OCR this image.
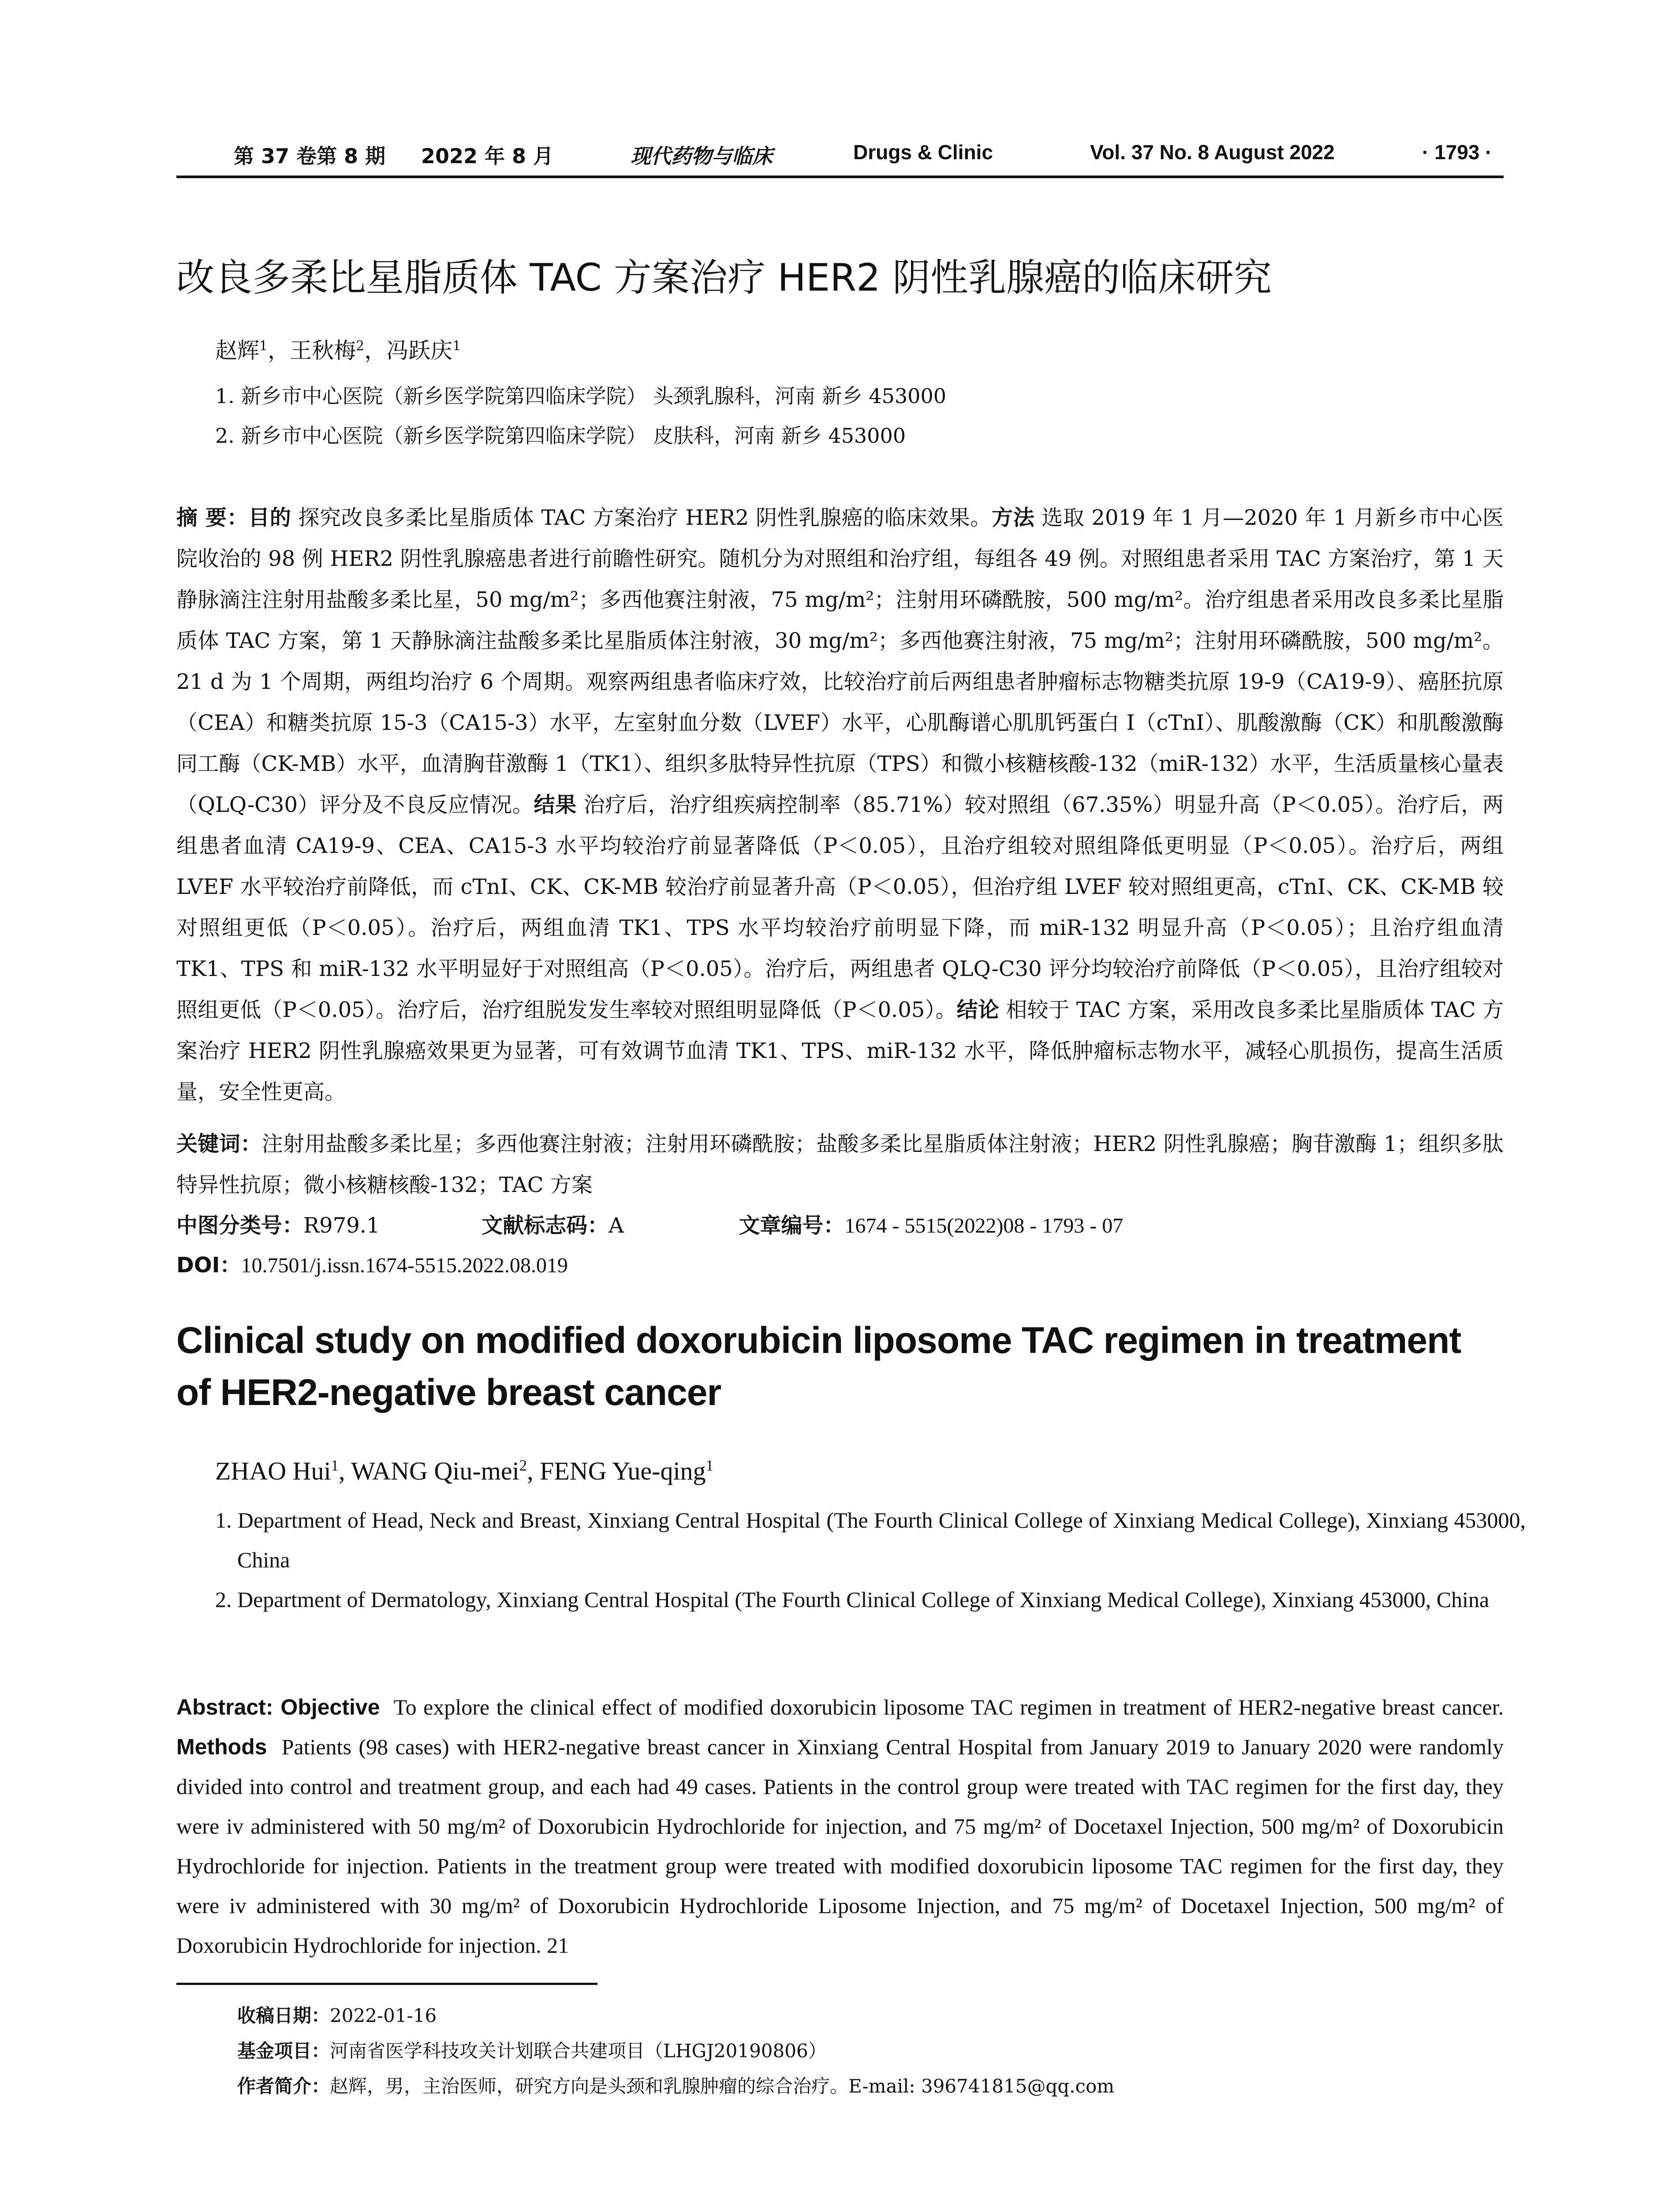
第 37 卷第 8 期 2022 年 8 月	现代药物与临床	Drugs & Clinic	Vol. 37 No. 8 August 2022	· 1793 ·
改良多柔比星脂质体 TAC 方案治疗 HER2 阴性乳腺癌的临床研究
赵辉$^1$，王秋梅$^2$，冯跃庆$^1$
1. 新乡市中心医院（新乡医学院第四临床学院） 头颈乳腺科，河南 新乡 453000
2. 新乡市中心医院（新乡医学院第四临床学院） 皮肤科，河南 新乡 453000
摘 要：目的 探究改良多柔比星脂质体 TAC 方案治疗 HER2 阴性乳腺癌的临床效果。方法 选取 2019 年 1 月—2020 年 1 月新乡市中心医院收治的 98 例 HER2 阴性乳腺癌患者进行前瞻性研究。随机分为对照组和治疗组，每组各 49 例。对照组患者采用 TAC 方案治疗，第 1 天静脉滴注注射用盐酸多柔比星，50 mg/m²；多西他赛注射液，75 mg/m²；注射用环磷酰胺，500 mg/m²。治疗组患者采用改良多柔比星脂质体 TAC 方案，第 1 天静脉滴注盐酸多柔比星脂质体注射液，30 mg/m²；多西他赛注射液，75 mg/m²；注射用环磷酰胺，500 mg/m²。21 d 为 1 个周期，两组均治疗 6 个周期。观察两组患者临床疗效，比较治疗前后两组患者肿瘤标志物糖类抗原 19-9（CA19-9）、癌胚抗原（CEA）和糖类抗原 15-3（CA15-3）水平，左室射血分数（LVEF）水平，心肌酶谱心肌肌钙蛋白 I（cTnI）、肌酸激酶（CK）和肌酸激酶同工酶（CK-MB）水平，血清胸苷激酶 1（TK1）、组织多肽特异性抗原（TPS）和微小核糖核酸-132（miR-132）水平，生活质量核心量表（QLQ-C30）评分及不良反应情况。结果 治疗后，治疗组疾病控制率（85.71%）较对照组（67.35%）明显升高（P＜0.05）。治疗后，两组患者血清 CA19-9、CEA、CA15-3 水平均较治疗前显著降低（P＜0.05），且治疗组较对照组降低更明显（P＜0.05）。治疗后，两组 LVEF 水平较治疗前降低，而 cTnI、CK、CK-MB 较治疗前显著升高（P＜0.05），但治疗组 LVEF 较对照组更高，cTnI、CK、CK-MB 较对照组更低（P＜0.05）。治疗后，两组血清 TK1、TPS 水平均较治疗前明显下降，而 miR-132 明显升高（P＜0.05）；且治疗组血清 TK1、TPS 和 miR-132 水平明显好于对照组高（P＜0.05）。治疗后，两组患者 QLQ-C30 评分均较治疗前降低（P＜0.05），且治疗组较对照组更低（P＜0.05）。治疗后，治疗组脱发发生率较对照组明显降低（P＜0.05）。结论 相较于 TAC 方案，采用改良多柔比星脂质体 TAC 方案治疗 HER2 阴性乳腺癌效果更为显著，可有效调节血清 TK1、TPS、miR-132 水平，降低肿瘤标志物水平，减轻心肌损伤，提高生活质量，安全性更高。
关键词：注射用盐酸多柔比星；多西他赛注射液；注射用环磷酰胺；盐酸多柔比星脂质体注射液；HER2 阴性乳腺癌；胸苷激酶 1；组织多肽特异性抗原；微小核糖核酸-132；TAC 方案
中图分类号：R979.1	文献标志码：A	文章编号：1674 - 5515(2022)08 - 1793 - 07
DOI：10.7501/j.issn.1674-5515.2022.08.019
Clinical study on modified doxorubicin liposome TAC regimen in treatment of HER2-negative breast cancer
ZHAO Hui$^1$, WANG Qiu-mei$^2$, FENG Yue-qing$^1$
1. Department of Head, Neck and Breast, Xinxiang Central Hospital (The Fourth Clinical College of Xinxiang Medical College), Xinxiang 453000, China
2. Department of Dermatology, Xinxiang Central Hospital (The Fourth Clinical College of Xinxiang Medical College), Xinxiang 453000, China
Abstract: Objective To explore the clinical effect of modified doxorubicin liposome TAC regimen in treatment of HER2-negative breast cancer. Methods Patients (98 cases) with HER2-negative breast cancer in Xinxiang Central Hospital from January 2019 to January 2020 were randomly divided into control and treatment group, and each had 49 cases. Patients in the control group were treated with TAC regimen for the first day, they were iv administered with 50 mg/m² of Doxorubicin Hydrochloride for injection, and 75 mg/m² of Docetaxel Injection, 500 mg/m² of Doxorubicin Hydrochloride for injection. Patients in the treatment group were treated with modified doxorubicin liposome TAC regimen for the first day, they were iv administered with 30 mg/m² of Doxorubicin Hydrochloride Liposome Injection, and 75 mg/m² of Docetaxel Injection, 500 mg/m² of Doxorubicin Hydrochloride for injection. 21
收稿日期：2022-01-16
基金项目：河南省医学科技攻关计划联合共建项目（LHGJ20190806）
作者简介：赵辉，男，主治医师，研究方向是头颈和乳腺肿瘤的综合治疗。E-mail: 396741815@qq.com
